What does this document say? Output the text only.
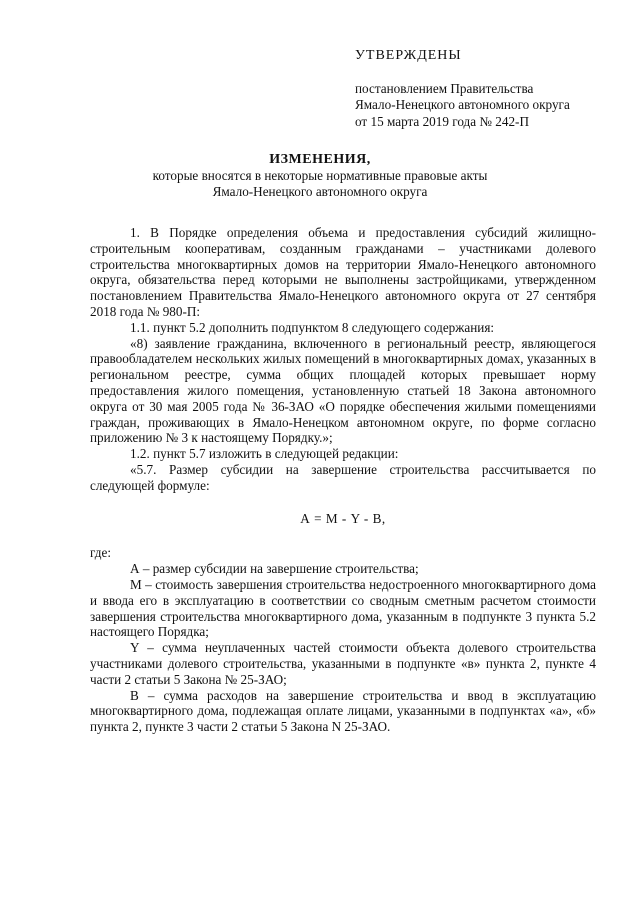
УТВЕРЖДЕНЫ
постановлением Правительства
Ямало-Ненецкого автономного округа
от 15 марта 2019 года № 242-П
ИЗМЕНЕНИЯ,
которые вносятся в некоторые нормативные правовые акты
Ямало-Ненецкого автономного округа

1. В Порядке определения объема и предоставления субсидий жилищно-строительным кооперативам, созданным гражданами – участниками долевого строительства многоквартирных домов на территории Ямало-Ненецкого автономного округа, обязательства перед которыми не выполнены застройщиками, утвержденном постановлением Правительства Ямало-Ненецкого автономного округа от 27 сентября 2018 года № 980-П:

1.1. пункт 5.2 дополнить подпунктом 8 следующего содержания:

«8) заявление гражданина, включенного в региональный реестр, являющегося правообладателем нескольких жилых помещений в многоквартирных домах, указанных в региональном реестре, сумма общих площадей которых превышает норму предоставления жилого помещения, установленную статьей 18 Закона автономного округа от 30 мая 2005 года № 36-ЗАО «О порядке обеспечения жилыми помещениями граждан, проживающих в Ямало-Ненецком автономном округе, по форме согласно приложению № 3 к настоящему Порядку.»;

1.2. пункт 5.7 изложить в следующей редакции:

«5.7. Размер субсидии на завершение строительства рассчитывается по следующей формуле:

А = М - Y - В,

где:

А – размер субсидии на завершение строительства;

М – стоимость завершения строительства недостроенного многоквартирного дома и ввода его в эксплуатацию в соответствии со сводным сметным расчетом стоимости завершения строительства многоквартирного дома, указанным в подпункте 3 пункта 5.2 настоящего Порядка;

Y – сумма неуплаченных частей стоимости объекта долевого строительства участниками долевого строительства, указанными в подпункте «в» пункта 2, пункте 4 части 2 статьи 5 Закона № 25-ЗАО;

В – сумма расходов на завершение строительства и ввод в эксплуатацию многоквартирного дома, подлежащая оплате лицами, указанными в подпунктах «а», «б» пункта 2, пункте 3 части 2 статьи 5 Закона N 25-ЗАО.
